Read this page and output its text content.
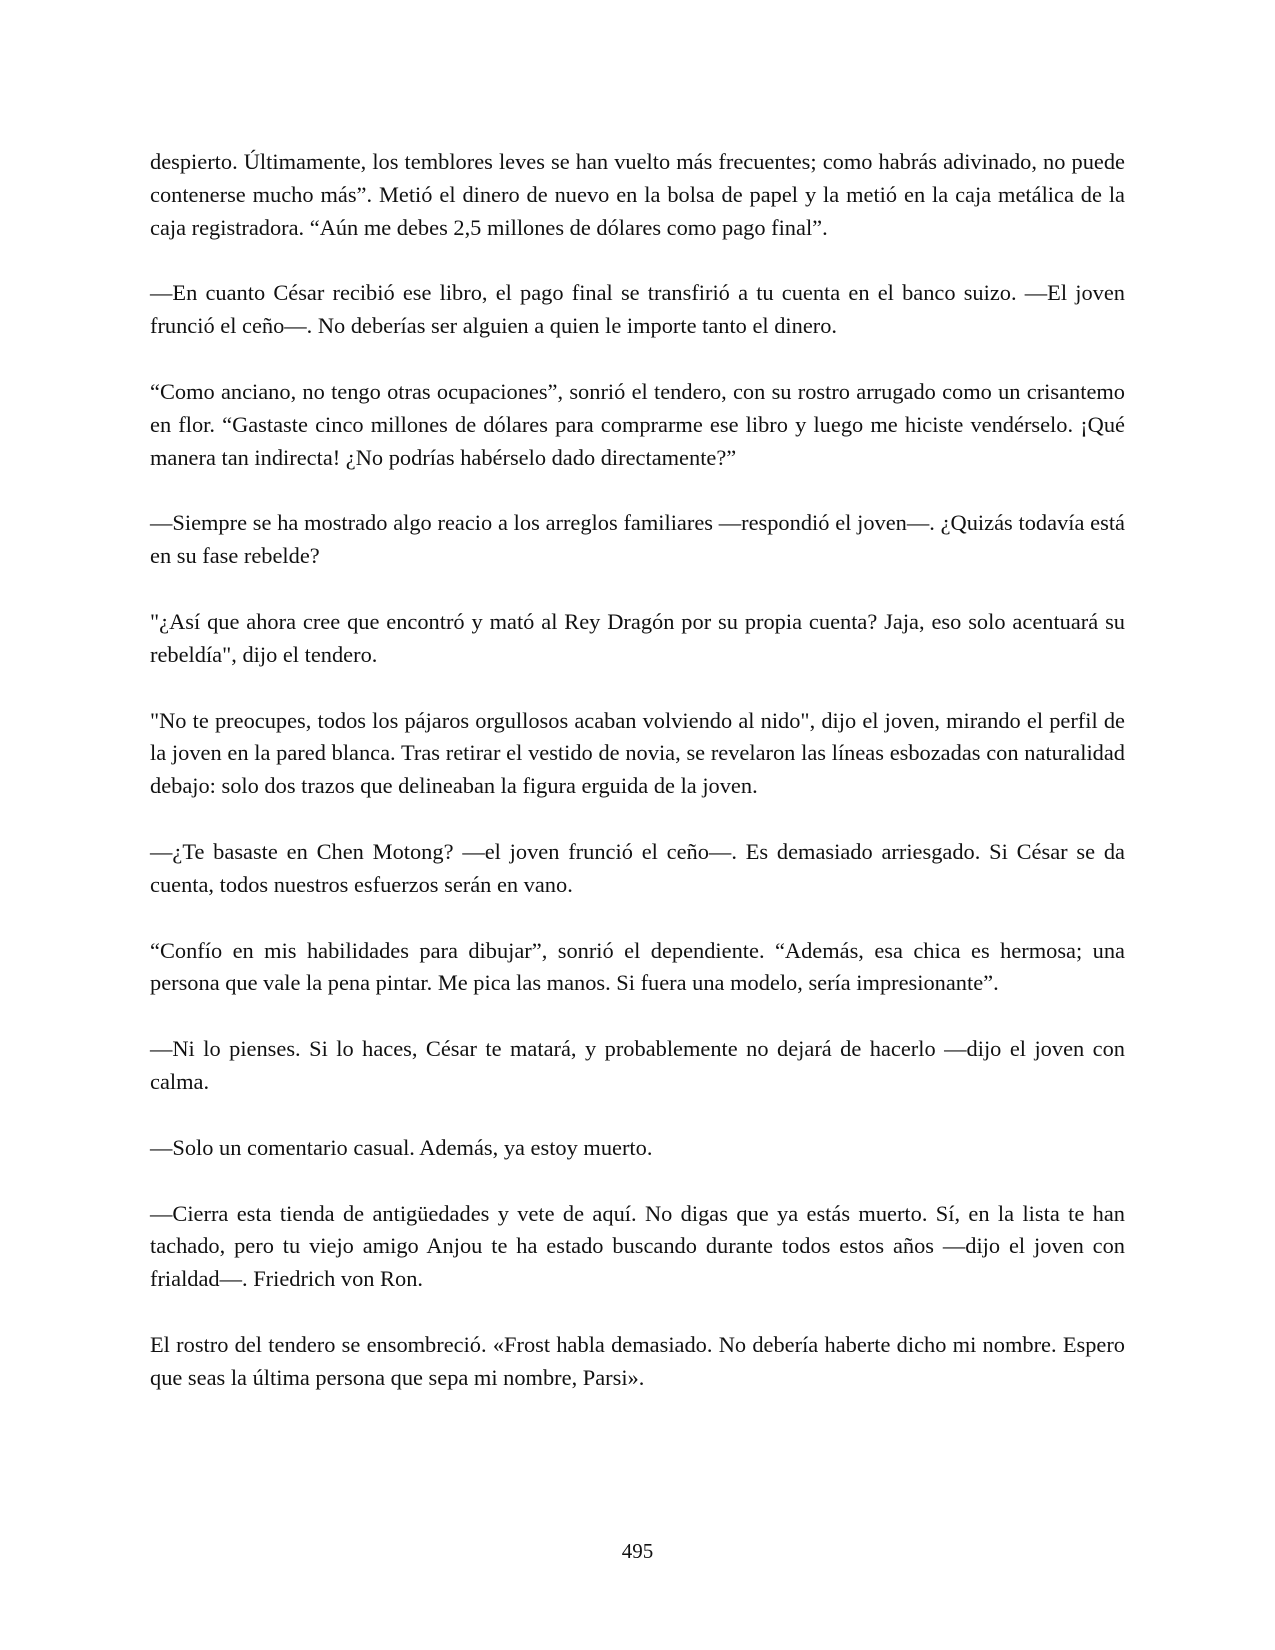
despierto. Últimamente, los temblores leves se han vuelto más frecuentes; como habrás adivinado, no puede contenerse mucho más”. Metió el dinero de nuevo en la bolsa de papel y la metió en la caja metálica de la caja registradora. “Aún me debes 2,5 millones de dólares como pago final”.

—En cuanto César recibió ese libro, el pago final se transfirió a tu cuenta en el banco suizo. —El joven frunció el ceño—. No deberías ser alguien a quien le importe tanto el dinero.

“Como anciano, no tengo otras ocupaciones”, sonrió el tendero, con su rostro arrugado como un crisantemo en flor. “Gastaste cinco millones de dólares para comprarme ese libro y luego me hiciste vendérselo. ¡Qué manera tan indirecta! ¿No podrías habérselo dado directamente?”

—Siempre se ha mostrado algo reacio a los arreglos familiares —respondió el joven—. ¿Quizás todavía está en su fase rebelde?

"¿Así que ahora cree que encontró y mató al Rey Dragón por su propia cuenta? Jaja, eso solo acentuará su rebeldía", dijo el tendero.

"No te preocupes, todos los pájaros orgullosos acaban volviendo al nido", dijo el joven, mirando el perfil de la joven en la pared blanca. Tras retirar el vestido de novia, se revelaron las líneas esbozadas con naturalidad debajo: solo dos trazos que delineaban la figura erguida de la joven.

—¿Te basaste en Chen Motong? —el joven frunció el ceño—. Es demasiado arriesgado. Si César se da cuenta, todos nuestros esfuerzos serán en vano.

“Confío en mis habilidades para dibujar”, sonrió el dependiente. “Además, esa chica es hermosa; una persona que vale la pena pintar. Me pica las manos. Si fuera una modelo, sería impresionante”.

—Ni lo pienses. Si lo haces, César te matará, y probablemente no dejará de hacerlo —dijo el joven con calma.

—Solo un comentario casual. Además, ya estoy muerto.

—Cierra esta tienda de antigüedades y vete de aquí. No digas que ya estás muerto. Sí, en la lista te han tachado, pero tu viejo amigo Anjou te ha estado buscando durante todos estos años —dijo el joven con frialdad—. Friedrich von Ron.

El rostro del tendero se ensombreció. «Frost habla demasiado. No debería haberte dicho mi nombre. Espero que seas la última persona que sepa mi nombre, Parsi».

495
